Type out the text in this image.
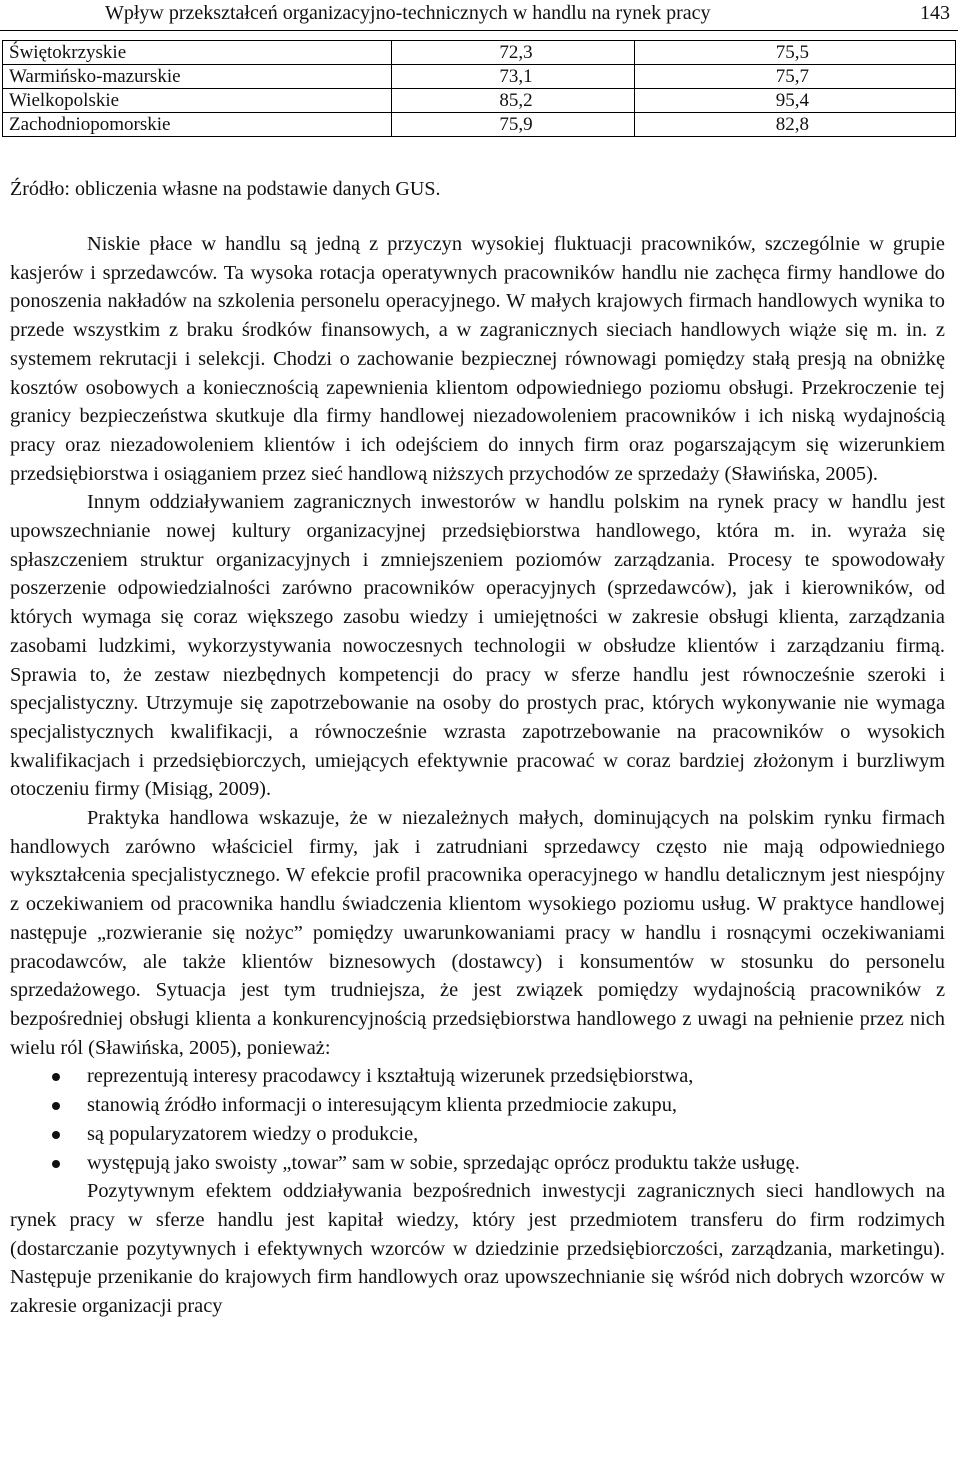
Wpływ przekształceń organizacyjno-technicznych w handlu na rynek pracy	143
Świętokrzyskie	72,3	75,5
Warmińsko-mazurskie	73,1	75,7
Wielkopolskie	85,2	95,4
Zachodniopomorskie	75,9	82,8
Źródło: obliczenia własne na podstawie danych GUS.

Niskie płace w handlu są jedną z przyczyn wysokiej fluktuacji pracowników, szczególnie w grupie kasjerów i sprzedawców. Ta wysoka rotacja operatywnych pracowników handlu nie zachęca firmy handlowe do ponoszenia nakładów na szkolenia personelu operacyjnego. W małych krajowych firmach handlowych wynika to przede wszystkim z braku środków finansowych, a w zagranicznych sieciach handlowych wiąże się m. in. z systemem rekrutacji i selekcji. Chodzi o zachowanie bezpiecznej równowagi pomiędzy stałą presją na obniżkę kosztów osobowych a koniecznością zapewnienia klientom odpowiedniego poziomu obsługi. Przekroczenie tej granicy bezpieczeństwa skutkuje dla firmy handlowej niezadowoleniem pracowników i ich niską wydajnością pracy oraz niezadowoleniem klientów i ich odejściem do innych firm oraz pogarszającym się wizerunkiem przedsiębiorstwa i osiąganiem przez sieć handlową niższych przychodów ze sprzedaży (Sławińska, 2005).

Innym oddziaływaniem zagranicznych inwestorów w handlu polskim na rynek pracy w handlu jest upowszechnianie nowej kultury organizacyjnej przedsiębiorstwa handlowego, która m. in. wyraża się spłaszczeniem struktur organizacyjnych i zmniejszeniem poziomów zarządzania. Procesy te spowodowały poszerzenie odpowiedzialności zarówno pracowników operacyjnych (sprzedawców), jak i kierowników, od których wymaga się coraz większego zasobu wiedzy i umiejętności w zakresie obsługi klienta, zarządzania zasobami ludzkimi, wykorzystywania nowoczesnych technologii w obsłudze klientów i zarządzaniu firmą. Sprawia to, że zestaw niezbędnych kompetencji do pracy w sferze handlu jest równocześnie szeroki i specjalistyczny. Utrzymuje się zapotrzebowanie na osoby do prostych prac, których wykonywanie nie wymaga specjalistycznych kwalifikacji, a równocześnie wzrasta zapotrzebowanie na pracowników o wysokich kwalifikacjach i przedsiębiorczych, umiejących efektywnie pracować w coraz bardziej złożonym i burzliwym otoczeniu firmy (Misiąg, 2009).

Praktyka handlowa wskazuje, że w niezależnych małych, dominujących na polskim rynku firmach handlowych zarówno właściciel firmy, jak i zatrudniani sprzedawcy często nie mają odpowiedniego wykształcenia specjalistycznego. W efekcie profil pracownika operacyjnego w handlu detalicznym jest niespójny z oczekiwaniem od pracownika handlu świadczenia klientom wysokiego poziomu usług. W praktyce handlowej następuje „rozwieranie się nożyc” pomiędzy uwarunkowaniami pracy w handlu i rosnącymi oczekiwaniami pracodawców, ale także klientów biznesowych (dostawcy) i konsumentów w stosunku do personelu sprzedażowego. Sytuacja jest tym trudniejsza, że jest związek pomiędzy wydajnością pracowników z bezpośredniej obsługi klienta a konkurencyjnością przedsiębiorstwa handlowego z uwagi na pełnienie przez nich wielu ról (Sławińska, 2005), ponieważ:

reprezentują interesy pracodawcy i kształtują wizerunek przedsiębiorstwa,
stanowią źródło informacji o interesującym klienta przedmiocie zakupu,
są popularyzatorem wiedzy o produkcie,
występują jako swoisty „towar” sam w sobie, sprzedając oprócz produktu także usługę.

Pozytywnym efektem oddziaływania bezpośrednich inwestycji zagranicznych sieci handlowych na rynek pracy w sferze handlu jest kapitał wiedzy, który jest przedmiotem transferu do firm rodzimych (dostarczanie pozytywnych i efektywnych wzorców w dziedzinie przedsiębiorczości, zarządzania, marketingu). Następuje przenikanie do krajowych firm handlowych oraz upowszechnianie się wśród nich dobrych wzorców w zakresie organizacji pracy
